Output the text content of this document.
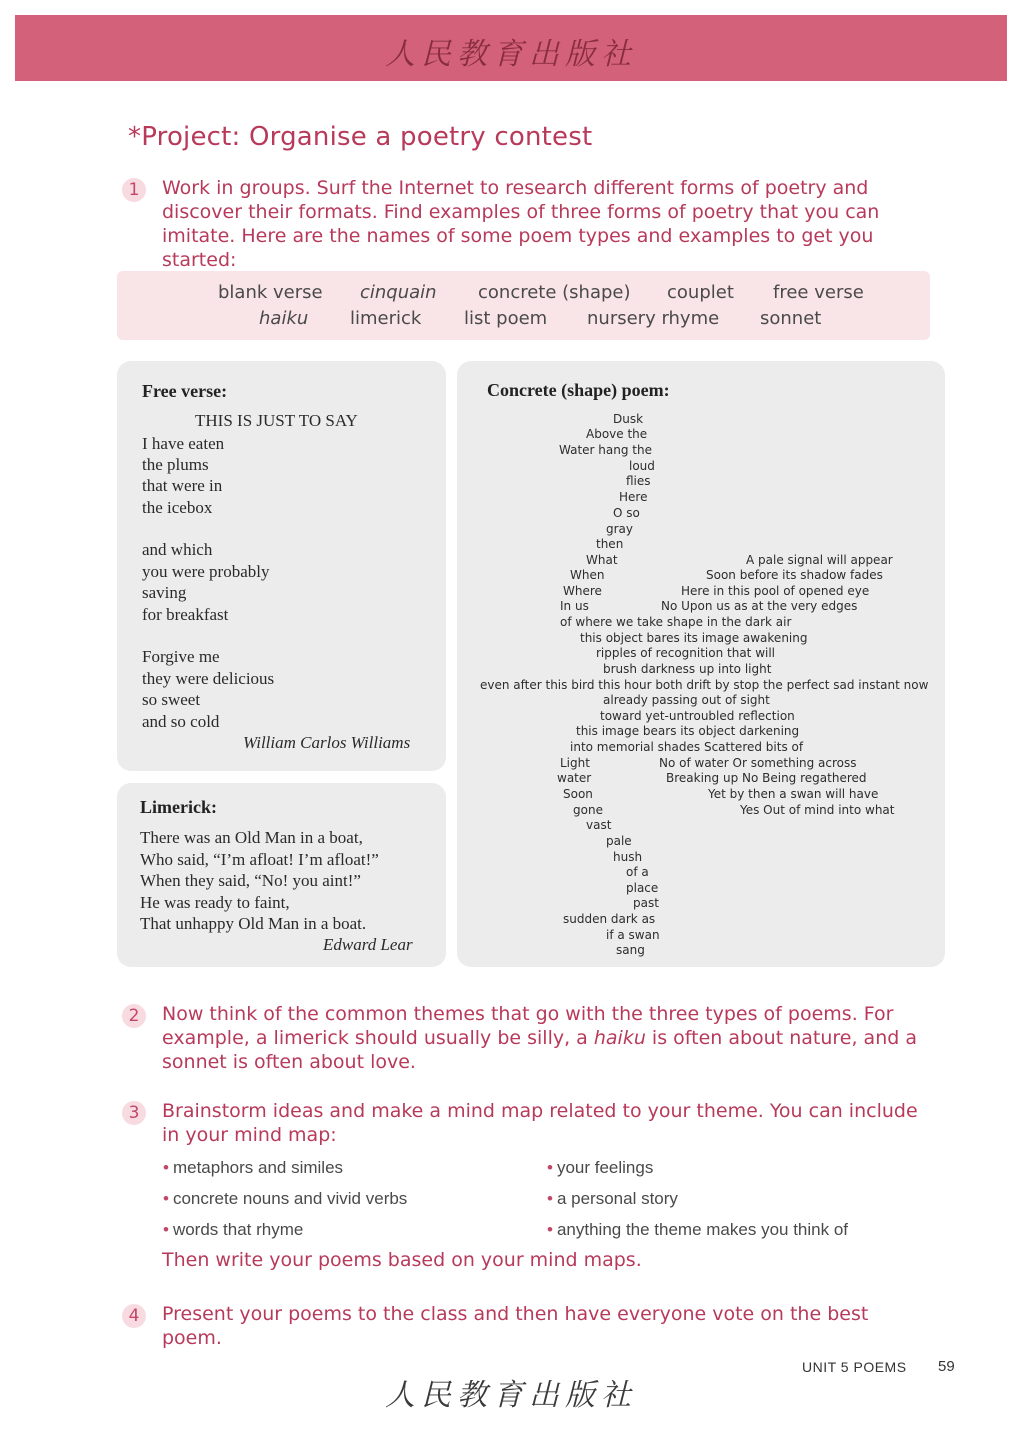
人民教育出版社
*Project: Organise a poetry contest
1	Work in groups. Surf the Internet to research different forms of poetry and discover their formats. Find examples of three forms of poetry that you can imitate. Here are the names of some poem types and examples to get you started:
blank verse cinquain concrete (shape) couplet free verse
haiku limerick list poem nursery rhyme sonnet
Free verse:
THIS IS JUST TO SAY
I have eaten
the plums
that were in
the icebox
and which
you were probably
saving
for breakfast
Forgive me
they were delicious
so sweet
and so cold
William Carlos Williams
Limerick:
There was an Old Man in a boat,
Who said, “I’m afloat! I’m afloat!”
When they said, “No! you aint!”
He was ready to faint,
That unhappy Old Man in a boat.
Edward Lear
Concrete (shape) poem:
Dusk
Above the
Water hang the
loud
flies
Here
O so
gray
then
What	A pale signal will appear
When	Soon before its shadow fades
Where	Here in this pool of opened eye
In us	No Upon us as at the very edges
of where we take shape in the dark air
this object bares its image awakening
ripples of recognition that will
brush darkness up into light
even after this bird this hour both drift by stop the perfect sad instant now
already passing out of sight
toward yet-untroubled reflection
this image bears its object darkening
into memorial shades Scattered bits of
Light	No of water Or something across
water	Breaking up No Being regathered
Soon	Yet by then a swan will have
gone	Yes Out of mind into what
vast
pale
hush
of a
place
past
sudden dark as
if a swan
sang
2	Now think of the common themes that go with the three types of poems. For example, a limerick should usually be silly, a haiku is often about nature, and a sonnet is often about love.
3	Brainstorm ideas and make a mind map related to your theme. You can include in your mind map:
• metaphors and similes
• concrete nouns and vivid verbs
• words that rhyme
• your feelings
• a personal story
• anything the theme makes you think of
Then write your poems based on your mind maps.
4	Present your poems to the class and then have everyone vote on the best poem.
UNIT 5 POEMS 59
人民教育出版社
